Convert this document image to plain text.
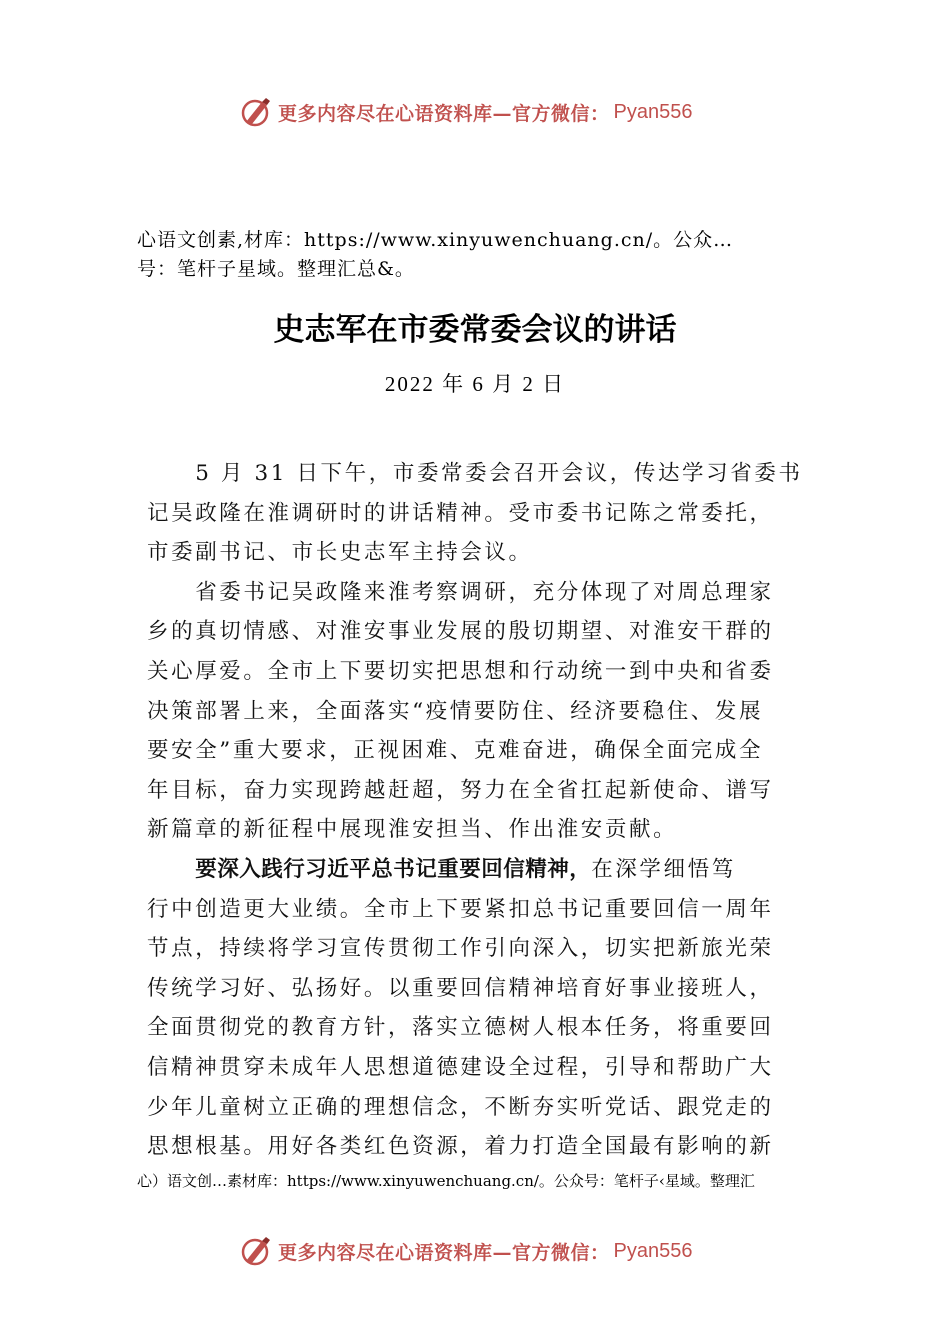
更多内容尽在心语资料库—官方微信： Pyan556
心语文创素,材库：https://www.xinyuwenchuang.cn/。公众…
号：笔杆子星域。整理汇总&。
史志军在市委常委会议的讲话
2022 年 6 月 2 日
　　5 月 31 日下午，市委常委会召开会议，传达学习省委书
记吴政隆在淮调研时的讲话精神。受市委书记陈之常委托，
市委副书记、市长史志军主持会议。
　　省委书记吴政隆来淮考察调研，充分体现了对周总理家
乡的真切情感、对淮安事业发展的殷切期望、对淮安干群的
关心厚爱。全市上下要切实把思想和行动统一到中央和省委
决策部署上来，全面落实“疫情要防住、经济要稳住、发展
要安全”重大要求，正视困难、克难奋进，确保全面完成全
年目标，奋力实现跨越赶超，努力在全省扛起新使命、谱写
新篇章的新征程中展现淮安担当、作出淮安贡献。
　　要深入践行习近平总书记重要回信精神，在深学细悟笃
行中创造更大业绩。全市上下要紧扣总书记重要回信一周年
节点，持续将学习宣传贯彻工作引向深入，切实把新旅光荣
传统学习好、弘扬好。以重要回信精神培育好事业接班人，
全面贯彻党的教育方针，落实立德树人根本任务，将重要回
信精神贯穿未成年人思想道德建设全过程，引导和帮助广大
少年儿童树立正确的理想信念，不断夯实听党话、跟党走的
思想根基。用好各类红色资源，着力打造全国最有影响的新
心）语文创…素材库：https://www.xinyuwenchuang.cn/。公众号：笔杆子‹星域。整理汇
更多内容尽在心语资料库—官方微信： Pyan556
